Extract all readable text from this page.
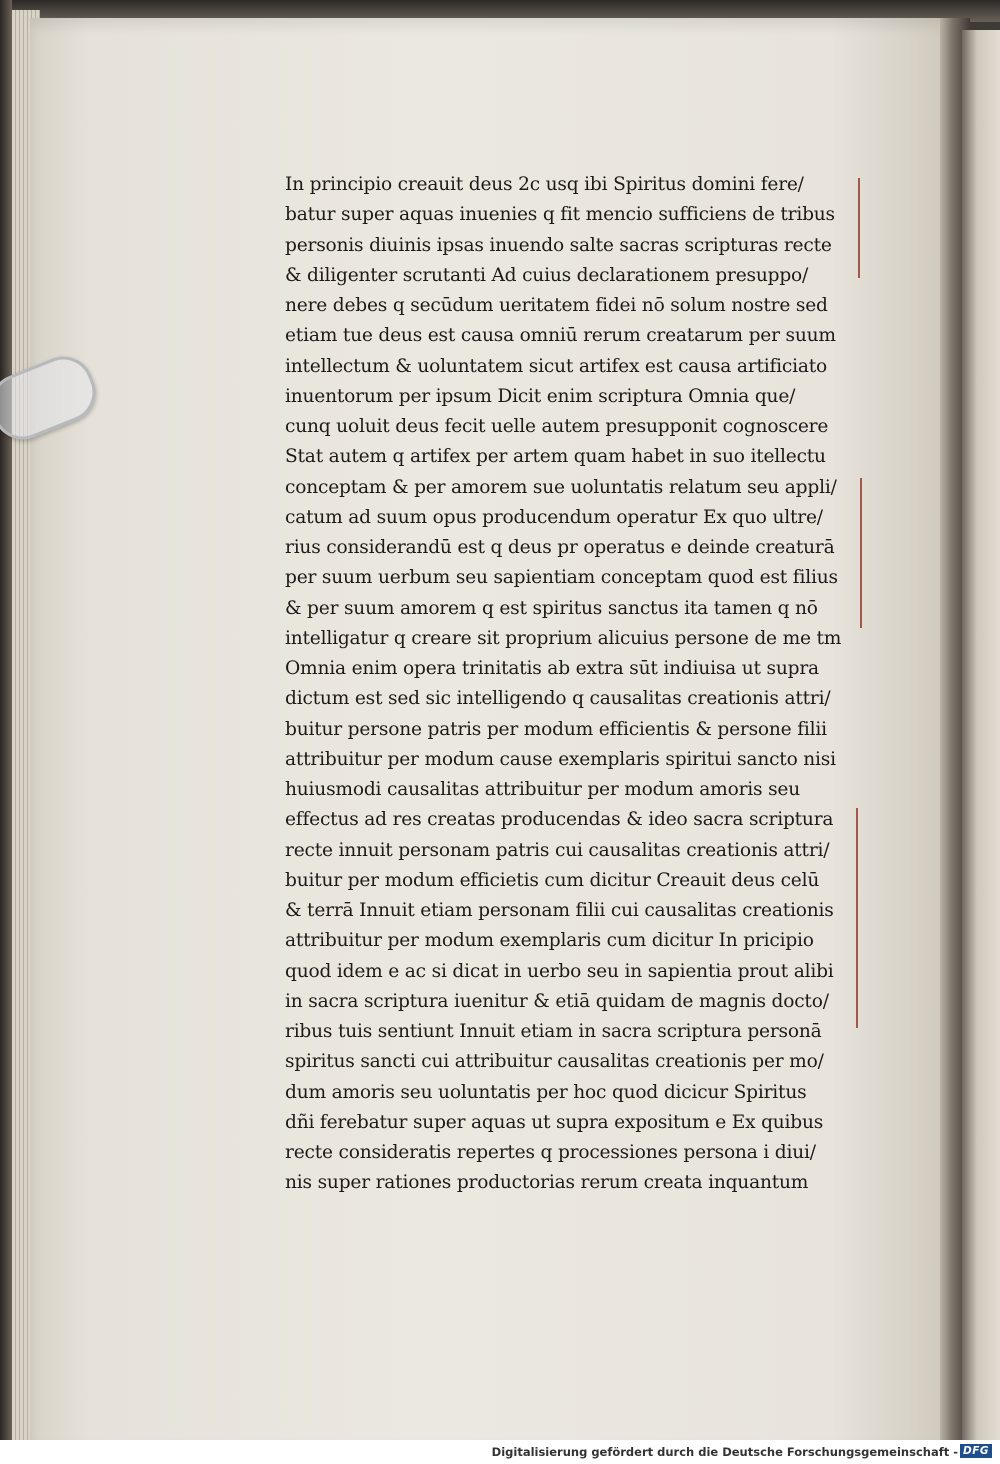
In principio creauit deus 2c usq ibi Spiritus domini fere/
batur super aquas inuenies q fit mencio sufficiens de tribus
personis diuinis ipsas inuendo salte sacras scripturas recte
& diligenter scrutanti Ad cuius declarationem presuppo/
nere debes q secūdum ueritatem fidei nō solum nostre sed
etiam tue deus est causa omniū rerum creatarum per suum
intellectum & uoluntatem sicut artifex est causa artificiato
inuentorum per ipsum Dicit enim scriptura Omnia que/
cunq uoluit deus fecit uelle autem presupponit cognoscere
Stat autem q artifex per artem quam habet in suo itellectu
conceptam & per amorem sue uoluntatis relatum seu appli/
catum ad suum opus producendum operatur Ex quo ultre/
rius considerandū est q deus pr operatus e deinde creaturā
per suum uerbum seu sapientiam conceptam quod est filius
& per suum amorem q est spiritus sanctus ita tamen q nō
intelligatur q creare sit proprium alicuius persone de me tm
Omnia enim opera trinitatis ab extra sūt indiuisa ut supra
dictum est sed sic intelligendo q causalitas creationis attri/
buitur persone patris per modum efficientis & persone filii
attribuitur per modum cause exemplaris spiritui sancto nisi
huiusmodi causalitas attribuitur per modum amoris seu
effectus ad res creatas producendas & ideo sacra scriptura
recte innuit personam patris cui causalitas creationis attri/
buitur per modum efficietis cum dicitur Creauit deus celū
& terrā Innuit etiam personam filii cui causalitas creationis
attribuitur per modum exemplaris cum dicitur In pricipio
quod idem e ac si dicat in uerbo seu in sapientia prout alibi
in sacra scriptura iuenitur & etiā quidam de magnis docto/
ribus tuis sentiunt Innuit etiam in sacra scriptura personā
spiritus sancti cui attribuitur causalitas creationis per mo/
dum amoris seu uoluntatis per hoc quod dicicur Spiritus
dñi ferebatur super aquas ut supra expositum e Ex quibus
recte consideratis repertes q processiones persona i diui/
nis super rationes productorias rerum creata inquantum
Digitalisierung gefördert durch die Deutsche Forschungsgemeinschaft - DFG
